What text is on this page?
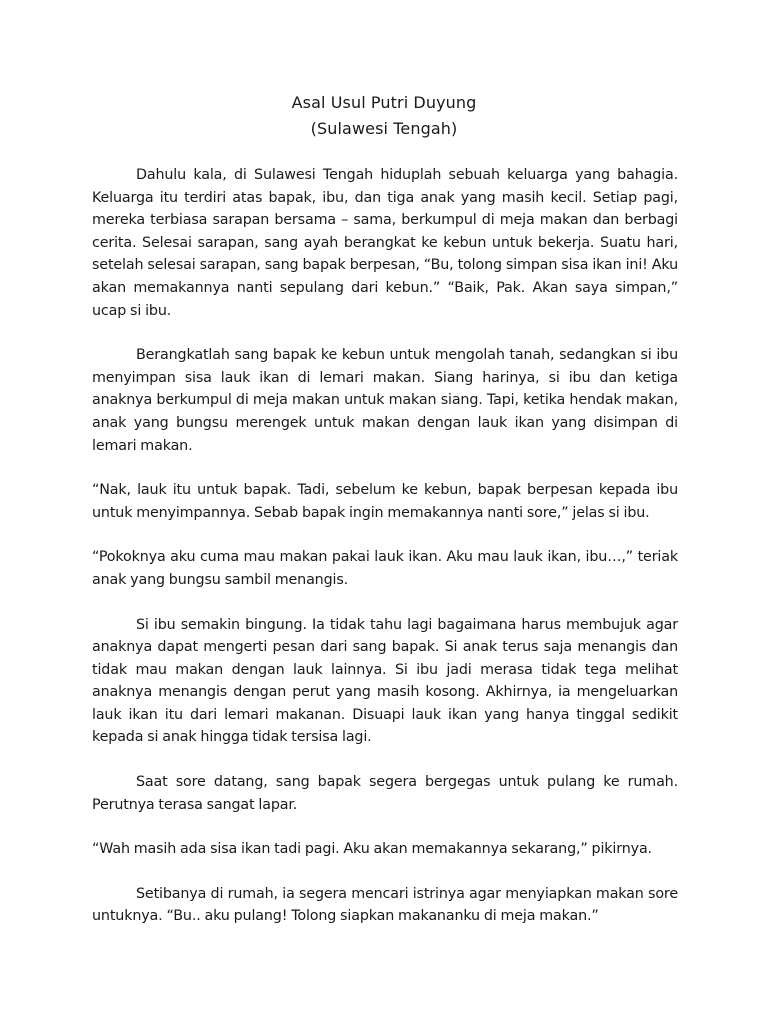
Asal Usul Putri Duyung
(Sulawesi Tengah)

Dahulu kala, di Sulawesi Tengah hiduplah sebuah keluarga yang bahagia. Keluarga itu terdiri atas bapak, ibu, dan tiga anak yang masih kecil. Setiap pagi, mereka terbiasa sarapan bersama – sama, berkumpul di meja makan dan berbagi cerita. Selesai sarapan, sang ayah berangkat ke kebun untuk bekerja. Suatu hari, setelah selesai sarapan, sang bapak berpesan, “Bu, tolong simpan sisa ikan ini! Aku akan memakannya nanti sepulang dari kebun.” “Baik, Pak. Akan saya simpan,” ucap si ibu.

Berangkatlah sang bapak ke kebun untuk mengolah tanah, sedangkan si ibu menyimpan sisa lauk ikan di lemari makan. Siang harinya, si ibu dan ketiga anaknya berkumpul di meja makan untuk makan siang. Tapi, ketika hendak makan, anak yang bungsu merengek untuk makan dengan lauk ikan yang disimpan di lemari makan.

“Nak, lauk itu untuk bapak. Tadi, sebelum ke kebun, bapak berpesan kepada ibu untuk menyimpannya. Sebab bapak ingin memakannya nanti sore,” jelas si ibu.

“Pokoknya aku cuma mau makan pakai lauk ikan. Aku mau lauk ikan, ibu…,” teriak anak yang bungsu sambil menangis.

Si ibu semakin bingung. Ia tidak tahu lagi bagaimana harus membujuk agar anaknya dapat mengerti pesan dari sang bapak. Si anak terus saja menangis dan tidak mau makan dengan lauk lainnya. Si ibu jadi merasa tidak tega melihat anaknya menangis dengan perut yang masih kosong. Akhirnya, ia mengeluarkan lauk ikan itu dari lemari makanan. Disuapi lauk ikan yang hanya tinggal sedikit kepada si anak hingga tidak tersisa lagi.

Saat sore datang, sang bapak segera bergegas untuk pulang ke rumah. Perutnya terasa sangat lapar.

“Wah masih ada sisa ikan tadi pagi. Aku akan memakannya sekarang,” pikirnya.

Setibanya di rumah, ia segera mencari istrinya agar menyiapkan makan sore untuknya. “Bu.. aku pulang! Tolong siapkan makananku di meja makan.”
